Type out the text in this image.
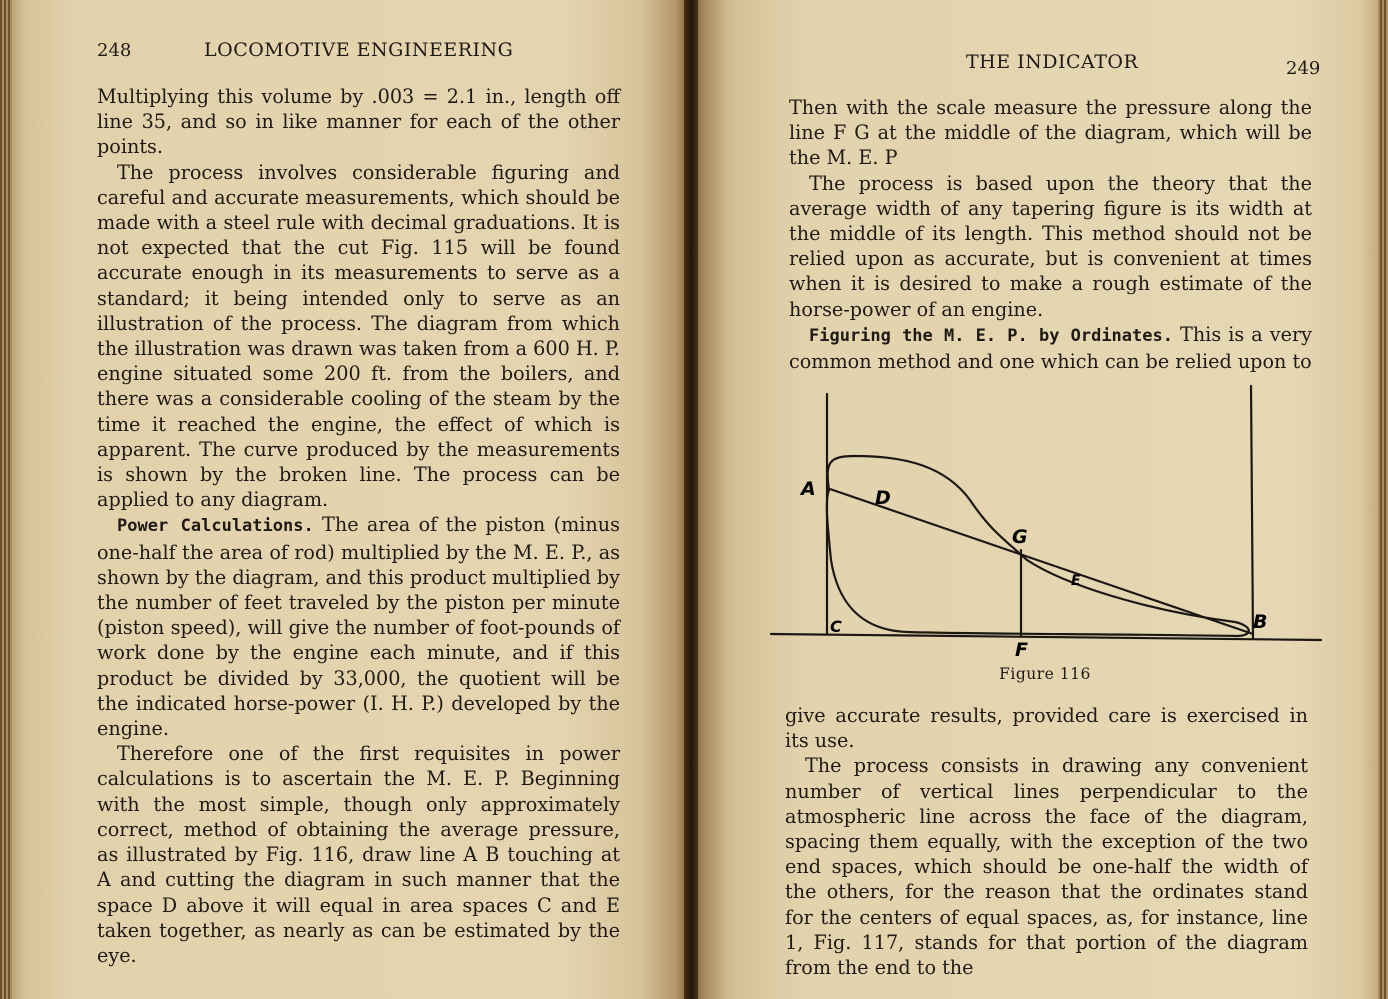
248	LOCOMOTIVE ENGINEERING

Multiplying this volume by .003 = 2.1 in., length off line 35, and so in like manner for each of the other points.

The process involves considerable figuring and careful and accurate measurements, which should be made with a steel rule with decimal graduations. It is not expected that the cut Fig. 115 will be found accurate enough in its measurements to serve as a standard; it being intended only to serve as an illustration of the process. The diagram from which the illustration was drawn was taken from a 600 H. P. engine situated some 200 ft. from the boilers, and there was a considerable cooling of the steam by the time it reached the engine, the effect of which is apparent. The curve produced by the measurements is shown by the broken line. The process can be applied to any diagram.

Power Calculations. The area of the piston (minus one-half the area of rod) multiplied by the M. E. P., as shown by the diagram, and this product multiplied by the number of feet traveled by the piston per minute (piston speed), will give the number of foot-pounds of work done by the engine each minute, and if this product be divided by 33,000, the quotient will be the indicated horse-power (I. H. P.) developed by the engine.

Therefore one of the first requisites in power calculations is to ascertain the M. E. P. Beginning with the most simple, though only approximately correct, method of obtaining the average pressure, as illustrated by Fig. 116, draw line A B touching at A and cutting the diagram in such manner that the space D above it will equal in area spaces C and E taken together, as nearly as can be estimated by the eye.

THE INDICATOR	249

Then with the scale measure the pressure along the line F G at the middle of the diagram, which will be the M. E. P

The process is based upon the theory that the average width of any tapering figure is its width at the middle of its length. This method should not be relied upon as accurate, but is convenient at times when it is desired to make a rough estimate of the horse-power of an engine.

Figuring the M. E. P. by Ordinates. This is a very common method and one which can be relied upon to

A	D
G
E
C	B
F
Figure 116

give accurate results, provided care is exercised in its use.

The process consists in drawing any convenient number of vertical lines perpendicular to the atmospheric line across the face of the diagram, spacing them equally, with the exception of the two end spaces, which should be one-half the width of the others, for the reason that the ordinates stand for the centers of equal spaces, as, for instance, line 1, Fig. 117, stands for that portion of the diagram from the end to the
